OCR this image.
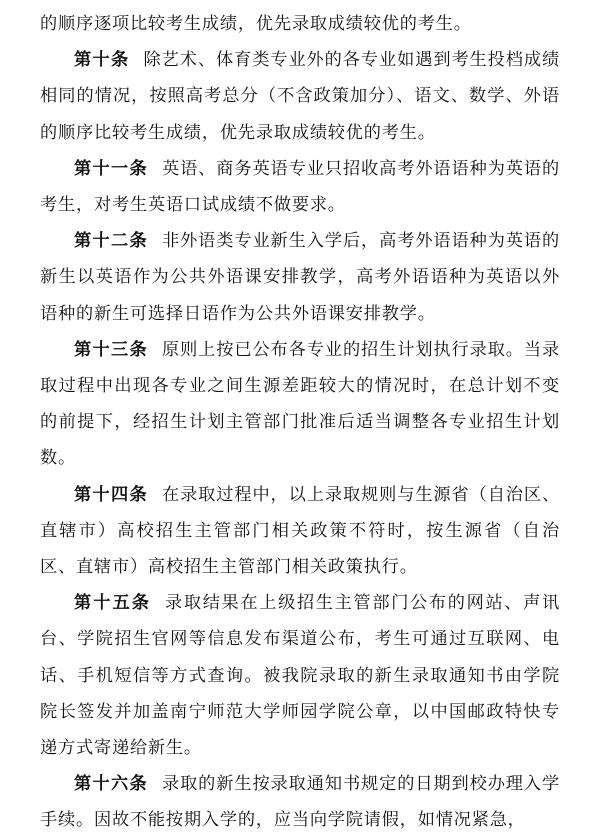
的顺序逐项比较考生成绩，优先录取成绩较优的考生。

第十条 除艺术、体育类专业外的各专业如遇到考生投档成绩相同的情况，按照高考总分（不含政策加分）、语文、数学、外语的顺序比较考生成绩，优先录取成绩较优的考生。

第十一条 英语、商务英语专业只招收高考外语语种为英语的考生，对考生英语口试成绩不做要求。

第十二条 非外语类专业新生入学后，高考外语语种为英语的新生以英语作为公共外语课安排教学，高考外语语种为英语以外语种的新生可选择日语作为公共外语课安排教学。

第十三条 原则上按已公布各专业的招生计划执行录取。当录取过程中出现各专业之间生源差距较大的情况时，在总计划不变的前提下，经招生计划主管部门批准后适当调整各专业招生计划数。

第十四条 在录取过程中，以上录取规则与生源省（自治区、直辖市）高校招生主管部门相关政策不符时，按生源省（自治区、直辖市）高校招生主管部门相关政策执行。

第十五条 录取结果在上级招生主管部门公布的网站、声讯台、学院招生官网等信息发布渠道公布，考生可通过互联网、电话、手机短信等方式查询。被我院录取的新生录取通知书由学院院长签发并加盖南宁师范大学师园学院公章，以中国邮政特快专递方式寄递给新生。

第十六条 录取的新生按录取通知书规定的日期到校办理入学手续。因故不能按期入学的，应当向学院请假，如情况紧急，
